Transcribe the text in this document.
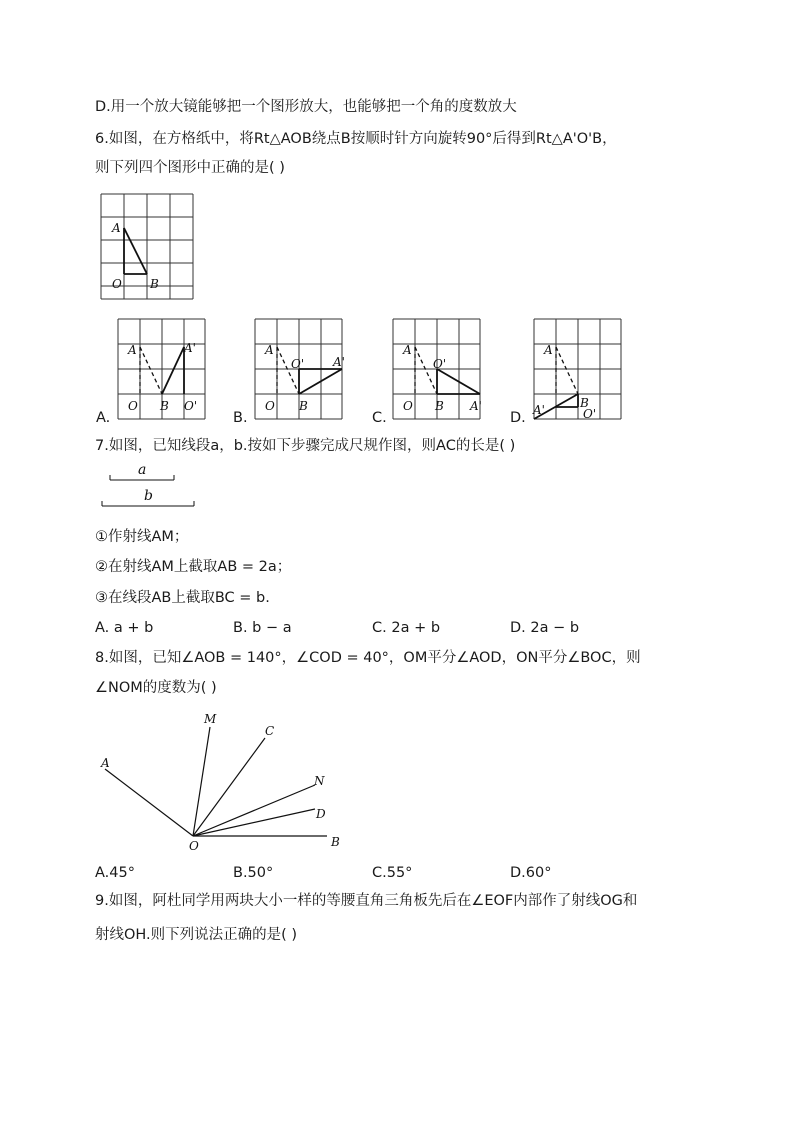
D.用一个放大镜能够把一个图形放大，也能够把一个角的度数放大
6.如图，在方格纸中，将Rt△AOB绕点B按顺时针方向旋转90°后得到Rt△A'O'B，
则下列四个图形中正确的是( )
A
O B
A
O B
A'
O'
A.
A
O B
O' A'
B.
A
O B
O'
A'
C.
A
B
O'
A'
D.
7.如图，已知线段a，b.按如下步骤完成尺规作图，则AC的长是( )
a
b
①作射线AM；
②在射线AM上截取AB = 2a；
③在线段AB上截取BC = b.
A. a + b	B. b − a	C. 2a + b	D. 2a − b
8.如图，已知∠AOB = 140°，∠COD = 40°，OM平分∠AOD，ON平分∠BOC，则
∠NOM的度数为( )
A
M
C
N
D
B
O
A.45°	B.50°	C.55°	D.60°
9.如图，阿杜同学用两块大小一样的等腰直角三角板先后在∠EOF内部作了射线OG和
射线OH.则下列说法正确的是( )
